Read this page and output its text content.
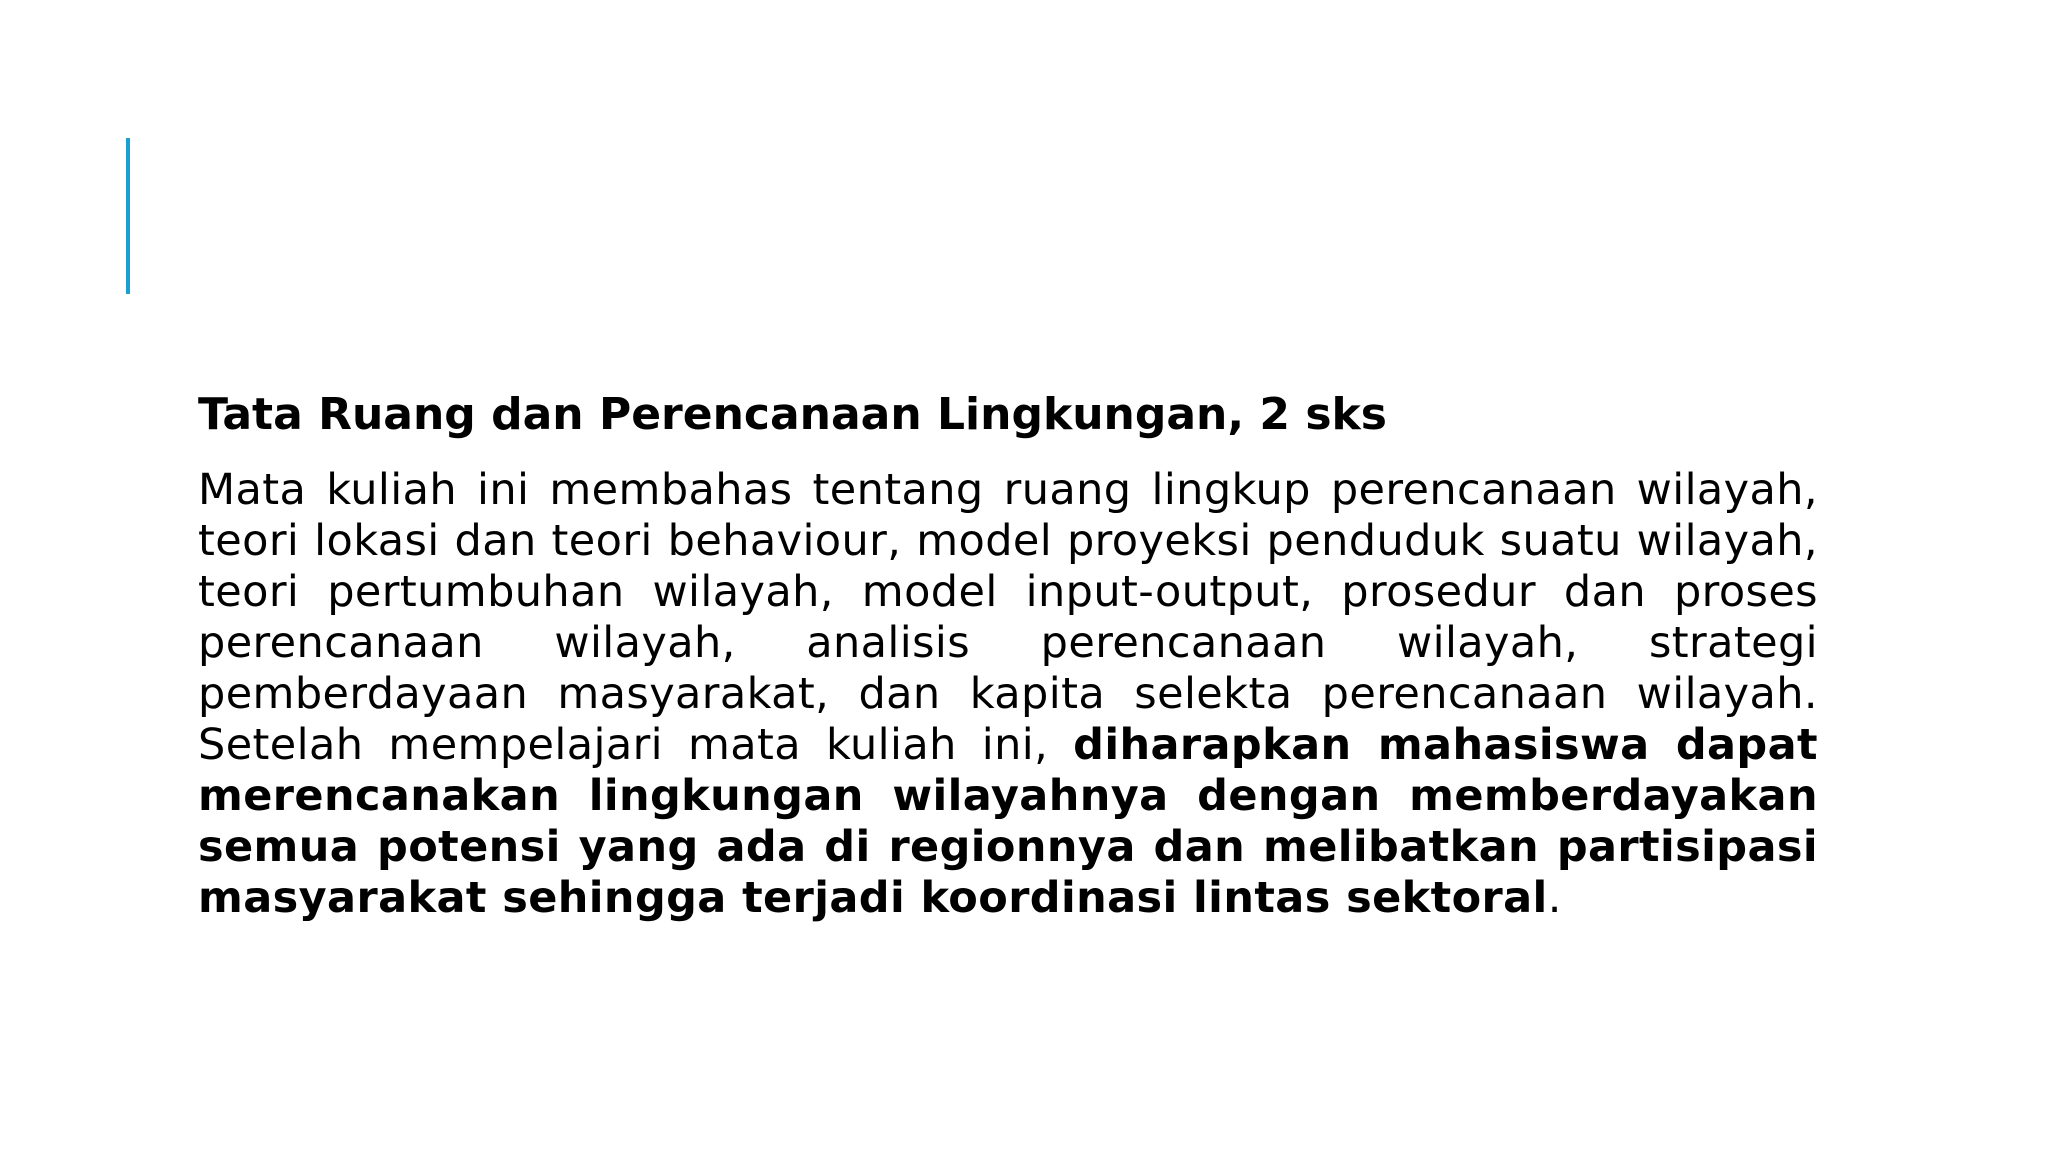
Tata Ruang dan Perencanaan Lingkungan, 2 sks

Mata kuliah ini membahas tentang ruang lingkup perencanaan wilayah, teori lokasi dan teori behaviour, model proyeksi penduduk suatu wilayah, teori pertumbuhan wilayah, model input-output, prosedur dan proses perencanaan wilayah, analisis perencanaan wilayah, strategi pemberdayaan masyarakat, dan kapita selekta perencanaan wilayah. Setelah mempelajari mata kuliah ini, diharapkan mahasiswa dapat merencanakan lingkungan wilayahnya dengan memberdayakan semua potensi yang ada di regionnya dan melibatkan partisipasi masyarakat sehingga terjadi koordinasi lintas sektoral.
